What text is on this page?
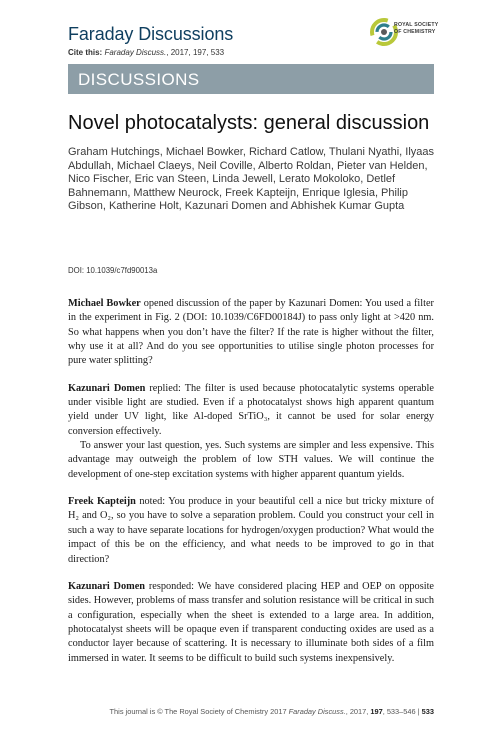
Faraday Discussions
Cite this: Faraday Discuss., 2017, 197, 533
ROYAL SOCIETY
OF CHEMISTRY
DISCUSSIONS
Novel photocatalysts: general discussion
Graham Hutchings, Michael Bowker, Richard Catlow, Thulani Nyathi, Ilyaas Abdullah, Michael Claeys, Neil Coville, Alberto Roldan, Pieter van Helden, Nico Fischer, Eric van Steen, Linda Jewell, Lerato Mokoloko, Detlef Bahnemann, Matthew Neurock, Freek Kapteijn, Enrique Iglesia, Philip Gibson, Katherine Holt, Kazunari Domen and Abhishek Kumar Gupta
DOI: 10.1039/c7fd90013a

Michael Bowker opened discussion of the paper by Kazunari Domen: You used a filter in the experiment in Fig. 2 (DOI: 10.1039/C6FD00184J) to pass only light at >420 nm. So what happens when you don’t have the filter? If the rate is higher without the filter, why use it at all? And do you see opportunities to utilise single photon processes for pure water splitting?

Kazunari Domen replied: The filter is used because photocatalytic systems operable under visible light are studied. Even if a photocatalyst shows high apparent quantum yield under UV light, like Al-doped SrTiO₃, it cannot be used for solar energy conversion effectively.

To answer your last question, yes. Such systems are simpler and less expensive. This advantage may outweigh the problem of low STH values. We will continue the development of one-step excitation systems with higher apparent quantum yields.

Freek Kapteijn noted: You produce in your beautiful cell a nice but tricky mixture of H₂ and O₂, so you have to solve a separation problem. Could you construct your cell in such a way to have separate locations for hydrogen/oxygen production? What would the impact of this be on the efficiency, and what needs to be improved to go in that direction?

Kazunari Domen responded: We have considered placing HEP and OEP on opposite sides. However, problems of mass transfer and solution resistance will be critical in such a configuration, especially when the sheet is extended to a large area. In addition, photocatalyst sheets will be opaque even if transparent conducting oxides are used as a conductor layer because of scattering. It is necessary to illuminate both sides of a film immersed in water. It seems to be difficult to build such systems inexpensively.

This journal is © The Royal Society of Chemistry 2017 Faraday Discuss., 2017, 197, 533–546 | 533
